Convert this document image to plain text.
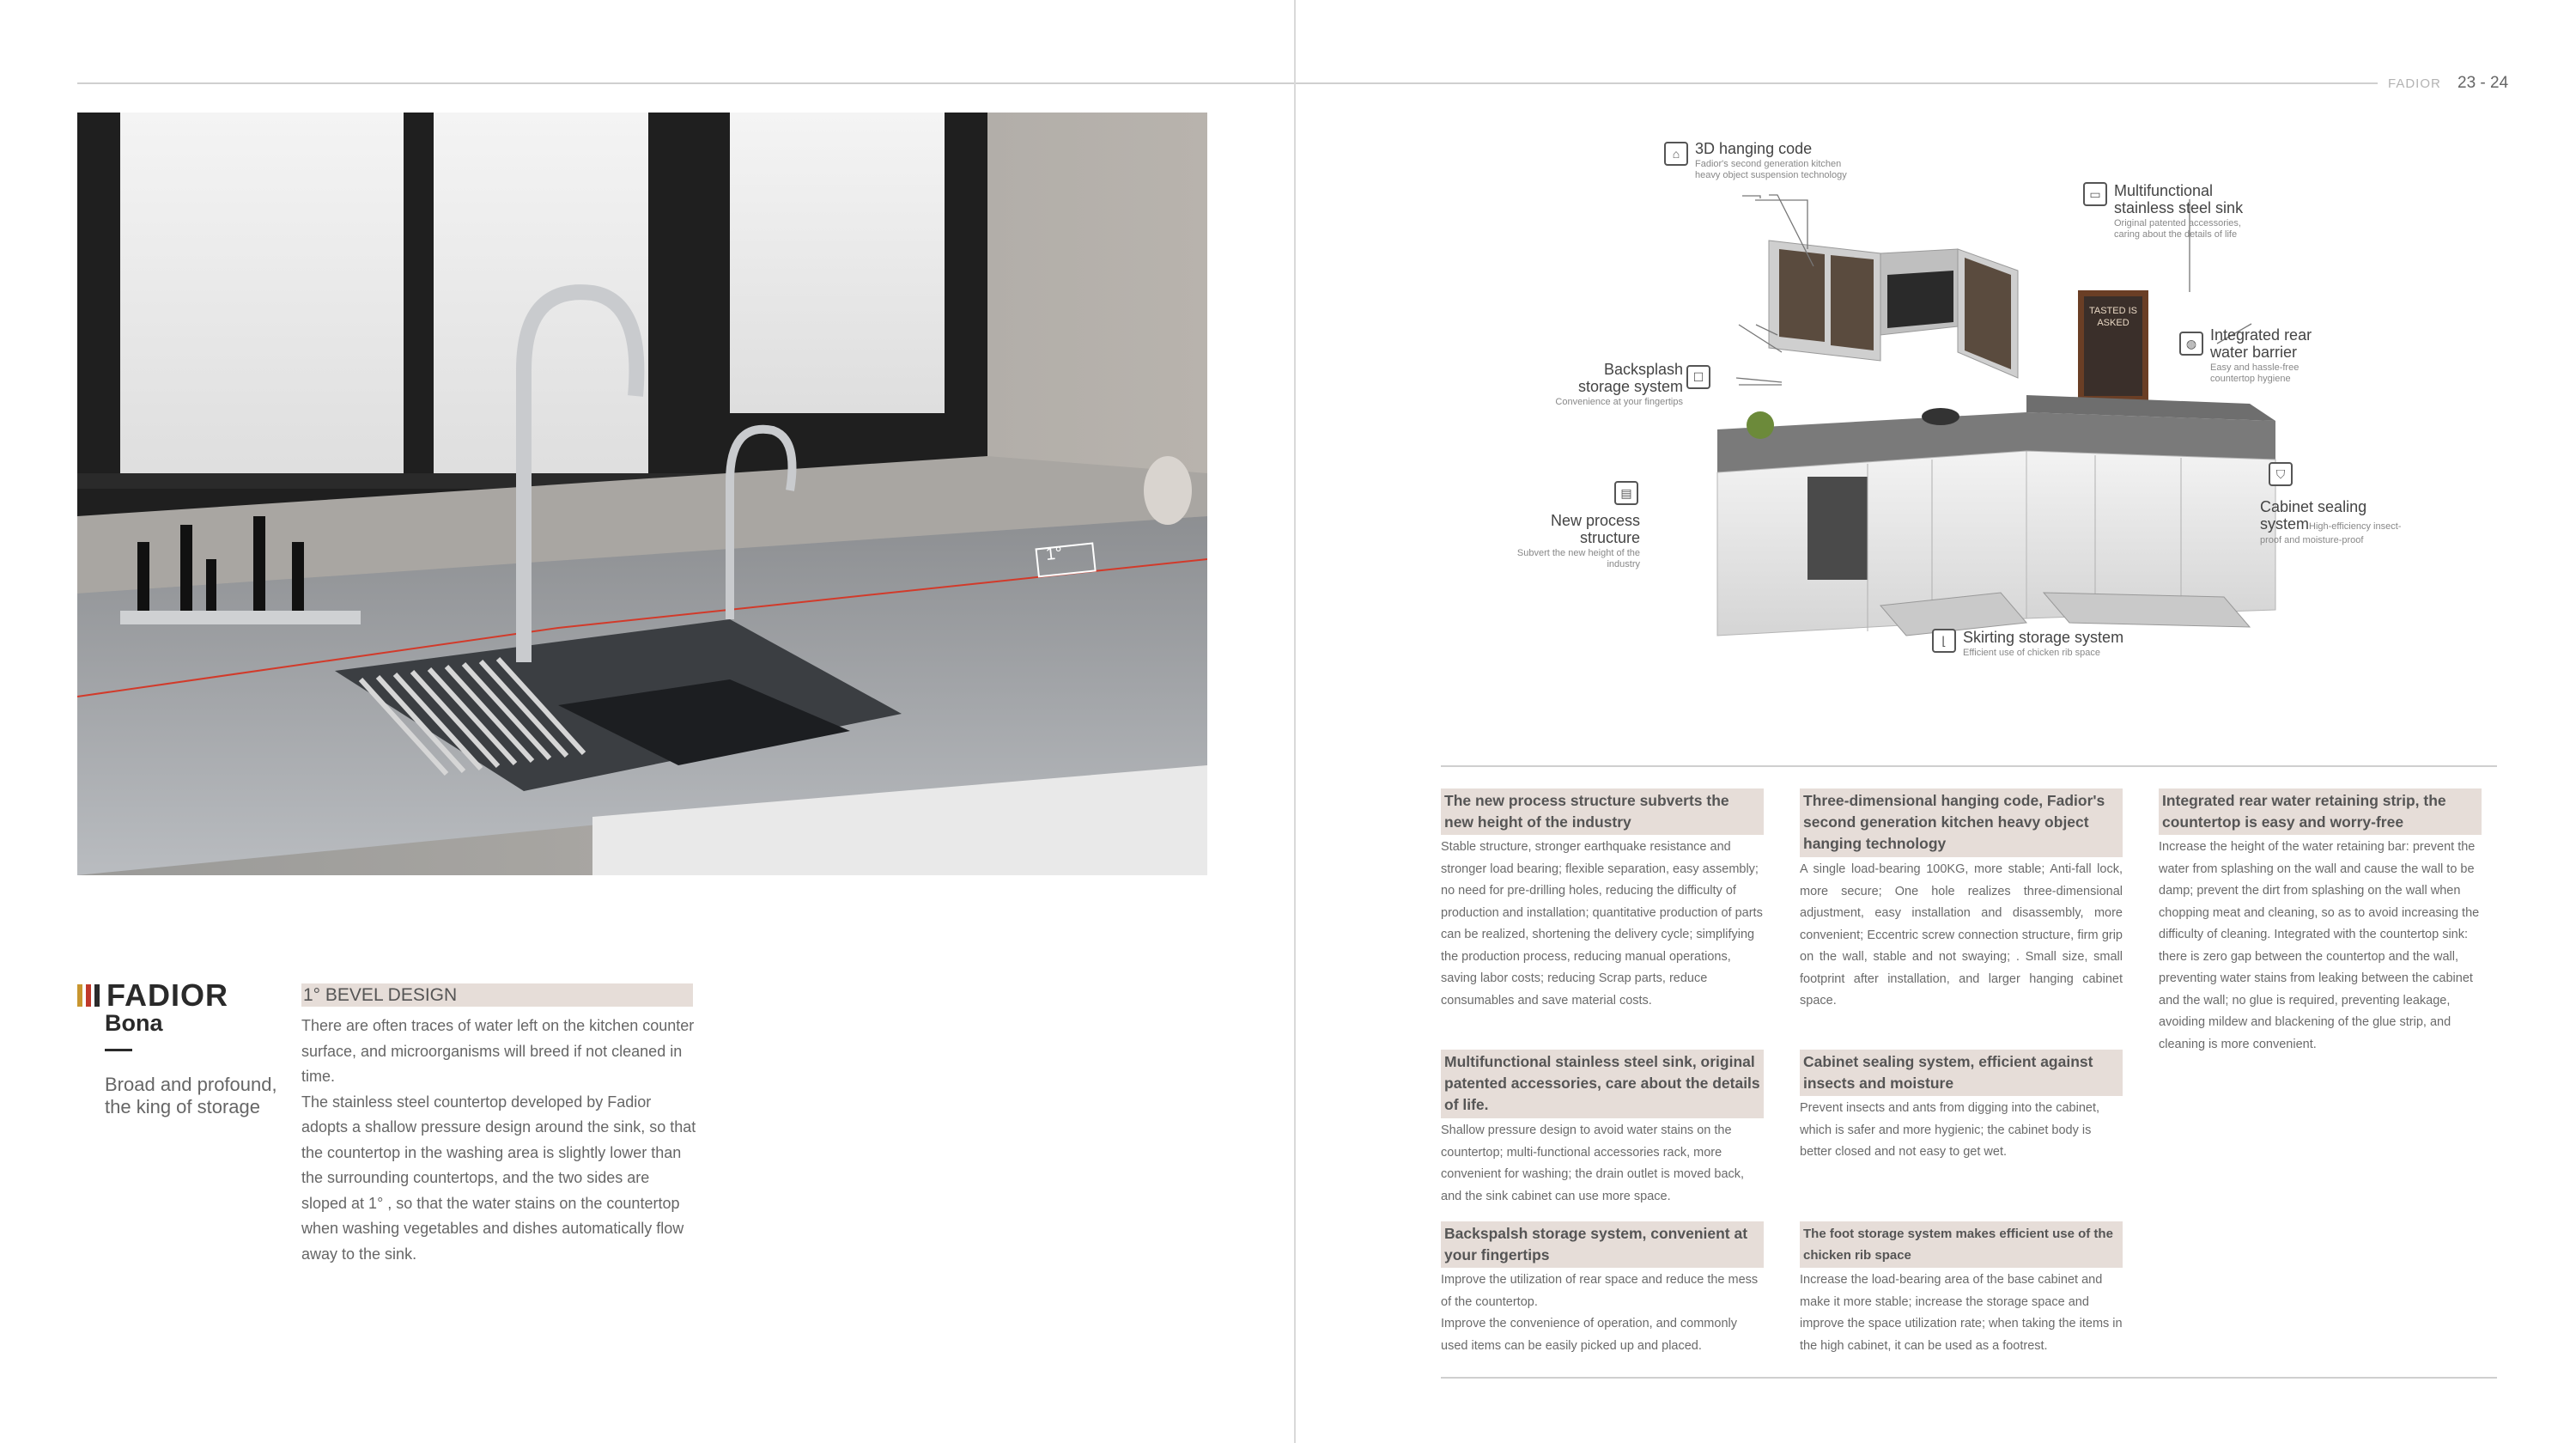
FADIOR 23 - 24
1°
FADIOR
Bona
Broad and profound,
the king of storage
1° BEVEL DESIGN
There are often traces of water left on the kitchen counter surface, and microorganisms will breed if not cleaned in time.
The stainless steel countertop developed by Fadior adopts a shallow pressure design around the sink, so that the countertop in the washing area is slightly lower than the surrounding countertops, and the two sides are sloped at 1° , so that the water stains on the countertop when washing vegetables and dishes automatically flow away to the sink.
TASTED IS ASKED
⌂ 3D hanging code
Fadior's second generation kitchen heavy object suspension technology
▭ Multifunctional
stainless steel sink
Original patented accessories, caring about the details of life
◍ Integrated rear
water barrier
Easy and hassle-free countertop hygiene
☐
Backsplash
storage system
Convenience at your fingertips
⛉
Cabinet sealing
systemHigh-efficiency insect-
proof and moisture-proof
▤
New process
structure
Subvert the new height of the industry
⌊	Skirting storage system
Efficient use of chicken rib space
The new process structure subverts the new height of the industry
Stable structure, stronger earthquake resistance and stronger load bearing; flexible separation, easy assembly; no need for pre-drilling holes, reducing the difficulty of production and installation; quantitative production of parts can be realized, shortening the delivery cycle; simplifying the production process, reducing manual operations, saving labor costs; reducing Scrap parts, reduce consumables and save material costs.
Multifunctional stainless steel sink, original patented accessories, care about the details of life.
Shallow pressure design to avoid water stains on the countertop; multi-functional accessories rack, more convenient for washing; the drain outlet is moved back, and the sink cabinet can use more space.
Backspalsh storage system, convenient at your fingertips
Improve the utilization of rear space and reduce the mess of the countertop.
Improve the convenience of operation, and commonly used items can be easily picked up and placed.
Three-dimensional hanging code, Fadior's second generation kitchen heavy object hanging technology
A single load-bearing 100KG, more stable; Anti-fall lock, more secure; One hole realizes three-dimensional adjustment, easy installation and disassembly, more convenient; Eccentric screw connection structure, firm grip on the wall, stable and not swaying; . Small size, small footprint after installation, and larger hanging cabinet space.
Cabinet sealing system, efficient against insects and moisture
Prevent insects and ants from digging into the cabinet, which is safer and more hygienic; the cabinet body is better closed and not easy to get wet.
The foot storage system makes efficient use of the chicken rib space
Increase the load-bearing area of the base cabinet and make it more stable; increase the storage space and improve the space utilization rate; when taking the items in the high cabinet, it can be used as a footrest.
Integrated rear water retaining strip, the countertop is easy and worry-free
Increase the height of the water retaining bar: prevent the water from splashing on the wall and cause the wall to be damp; prevent the dirt from splashing on the wall when chopping meat and cleaning, so as to avoid increasing the difficulty of cleaning. Integrated with the countertop sink: there is zero gap between the countertop and the wall, preventing water stains from leaking between the cabinet and the wall; no glue is required, preventing leakage, avoiding mildew and blackening of the glue strip, and cleaning is more convenient.
